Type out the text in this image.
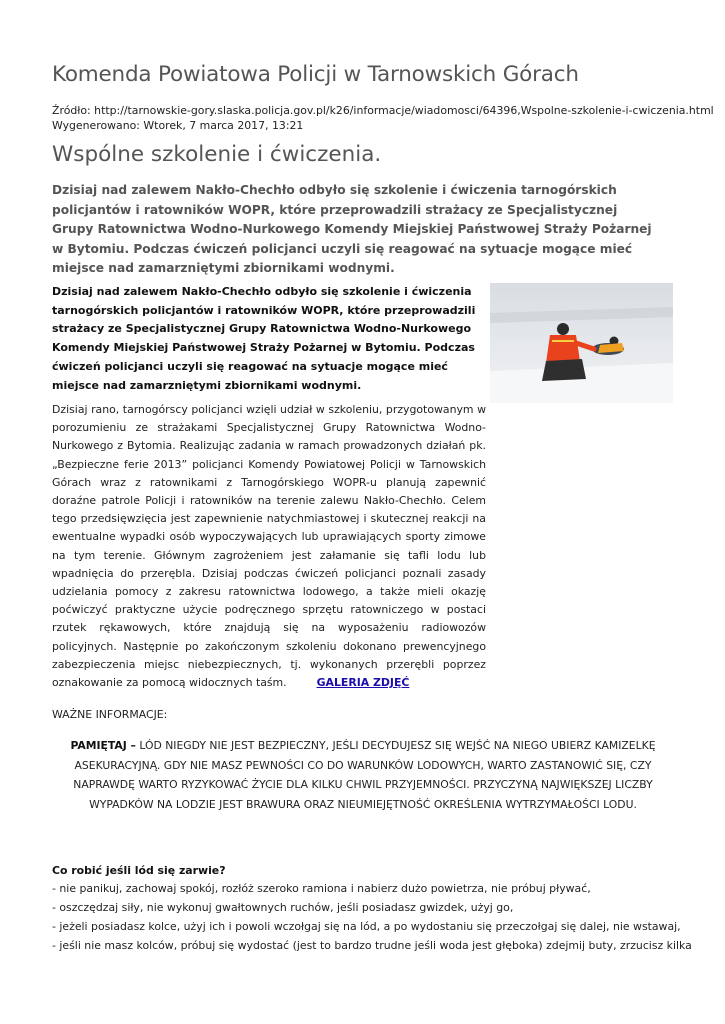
Komenda Powiatowa Policji w Tarnowskich Górach
Źródło: http://tarnowskie-gory.slaska.policja.gov.pl/k26/informacje/wiadomosci/64396,Wspolne-szkolenie-i-cwiczenia.html
Wygenerowano: Wtorek, 7 marca 2017, 13:21
Wspólne szkolenie i ćwiczenia.

Dzisiaj nad zalewem Nakło-Chechło odbyło się szkolenie i ćwiczenia tarnogórskich policjantów i ratowników WOPR, które przeprowadzili strażacy ze Specjalistycznej Grupy Ratownictwa Wodno-Nurkowego Komendy Miejskiej Państwowej Straży Pożarnej w Bytomiu. Podczas ćwiczeń policjanci uczyli się reagować na sytuacje mogące mieć miejsce nad zamarzniętymi zbiornikami wodnymi.

Dzisiaj nad zalewem Nakło-Chechło odbyło się szkolenie i ćwiczenia tarnogórskich policjantów i ratowników WOPR, które przeprowadzili strażacy ze Specjalistycznej Grupy Ratownictwa Wodno-Nurkowego Komendy Miejskiej Państwowej Straży Pożarnej w Bytomiu. Podczas ćwiczeń policjanci uczyli się reagować na sytuacje mogące mieć miejsce nad zamarzniętymi zbiornikami wodnymi.

Dzisiaj rano, tarnogórscy policjanci wzięli udział w szkoleniu, przygotowanym w porozumieniu ze strażakami Specjalistycznej Grupy Ratownictwa Wodno-Nurkowego z Bytomia. Realizując zadania w ramach prowadzonych działań pk. „Bezpieczne ferie 2013” policjanci Komendy Powiatowej Policji w Tarnowskich Górach wraz z ratownikami z Tarnogórskiego WOPR-u planują zapewnić doraźne patrole Policji i ratowników na terenie zalewu Nakło-Chechło. Celem tego przedsięwzięcia jest zapewnienie natychmiastowej i skutecznej reakcji na ewentualne wypadki osób wypoczywających lub uprawiających sporty zimowe na tym terenie. Głównym zagrożeniem jest załamanie się tafli lodu lub wpadnięcia do przerębla. Dzisiaj podczas ćwiczeń policjanci poznali zasady udzielania pomocy z zakresu ratownictwa lodowego, a także mieli okazję poćwiczyć praktyczne użycie podręcznego sprzętu ratowniczego w postaci rzutek rękawowych, które znajdują się na wyposażeniu radiowozów policyjnych. Następnie po zakończonym szkoleniu dokonano prewencyjnego zabezpieczenia miejsc niebezpiecznych, tj. wykonanych przerębli poprzez oznakowanie za pomocą widocznych taśm.	GALERIA ZDJĘĆ

WAŻNE INFORMACJE:

PAMIĘTAJ – LÓD NIEGDY NIE JEST BEZPIECZNY, JEŚLI DECYDUJESZ SIĘ WEJŚĆ NA NIEGO UBIERZ KAMIZELKĘ ASEKURACYJNĄ. GDY NIE MASZ PEWNOŚCI CO DO WARUNKÓW LODOWYCH, WARTO ZASTANOWIĆ SIĘ, CZY NAPRAWDĘ WARTO RYZYKOWAĆ ŻYCIE DLA KILKU CHWIL PRZYJEMNOŚCI. PRZYCZYNĄ NAJWIĘKSZEJ LICZBY WYPADKÓW NA LODZIE JEST BRAWURA ORAZ NIEUMIEJĘTNOŚĆ OKREŚLENIA WYTRZYMAŁOŚCI LODU.

Co robić jeśli lód się zarwie?

- nie panikuj, zachowaj spokój, rozłóż szeroko ramiona i nabierz dużo powietrza, nie próbuj pływać,
- oszczędzaj siły, nie wykonuj gwałtownych ruchów, jeśli posiadasz gwizdek, użyj go,
- jeżeli posiadasz kolce, użyj ich i powoli wczołgaj się na lód, a po wydostaniu się przeczołgaj się dalej, nie wstawaj,
- jeśli nie masz kolców, próbuj się wydostać (jest to bardzo trudne jeśli woda jest głęboka) zdejmij buty, zrzucisz kilka
